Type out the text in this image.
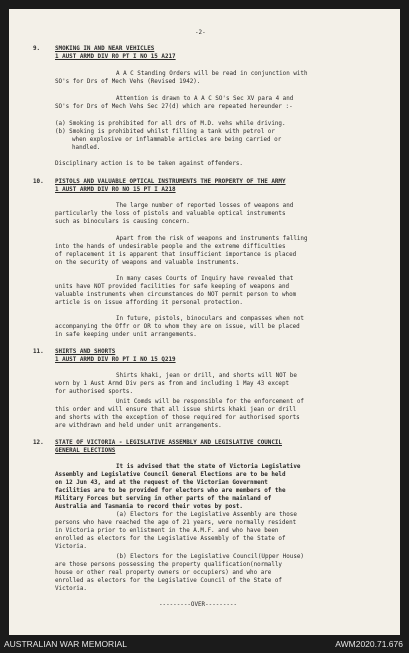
-2-
9.	SMOKING IN AND NEAR VEHICLES
1 AUST ARMD DIV RO PT I NO 15 A217
A A C Standing Orders will be read in conjunction with
SO's for Drs of Mech Vehs (Revised 1942).
Attention is drawn to A A C SO's Sec XV para 4 and
SO's for Drs of Mech Vehs Sec 27(d) which are repeated hereunder :-
(a) Smoking is prohibited for all drs of M.D. vehs while driving.
(b) Smoking is prohibited whilst filling a tank with petrol or
when explosive or inflammable articles are being carried or
handled.
Disciplinary action is to be taken against offenders.
10. PISTOLS AND VALUABLE OPTICAL INSTRUMENTS THE PROPERTY OF THE ARMY
1 AUST ARMD DIV RO NO 15 PT I A218
The large number of reported losses of weapons and
particularly the loss of pistols and valuable optical instruments
such as binoculars is causing concern.
Apart from the risk of weapons and instruments falling
into the hands of undesirable people and the extreme difficulties
of replacement it is apparent that insufficient importance is placed
on the security of weapons and valuable instruments.
In many cases Courts of Inquiry have revealed that
units have NOT provided facilities for safe keeping of weapons and
valuable instruments when circumstances do NOT permit person to whom
article is on issue affording it personal protection.
In future, pistols, binoculars and compasses when not
accompanying the Offr or OR to whom they are on issue, will be placed
in safe keeping under unit arrangements.
11. SHIRTS AND SHORTS
1 AUST ARMD DIV RO PT I NO 15 Q219
Shirts khaki, jean or drill, and shorts will NOT be
worn by 1 Aust Armd Div pers as from and including 1 May 43 except
for authorised sports.
Unit Comds will be responsible for the enforcement of
this order and will ensure that all issue shirts khaki jean or drill
and shorts with the exception of those required for authorised sports
are withdrawn and held under unit arrangements.
12. STATE OF VICTORIA - LEGISLATIVE ASSEMBLY AND LEGISLATIVE COUNCIL
GENERAL ELECTIONS
It is advised that the state of Victoria Legislative
Assembly and Legislative Council General Elections are to be held
on 12 Jun 43, and at the request of the Victorian Government
facilities are to be provided for electors who are members of the
Military Forces but serving in other parts of the mainland of
Australia and Tasmania to record their votes by post.
(a) Electors for the Legislative Assembly are those
persons who have reached the age of 21 years, were normally resident
in Victoria prior to enlistment in the A.M.F. and who have been
enrolled as electors for the Legislative Assembly of the State of
Victoria.
(b) Electors for the Legislative Council(Upper House)
are those persons possessing the property qualification(normally
house or other real property owners or occupiers) and who are
enrolled as electors for the Legislative Council of the State of
Victoria.
---------OVER---------
AUSTRALIAN WAR MEMORIAL	AWM2020.71.676
